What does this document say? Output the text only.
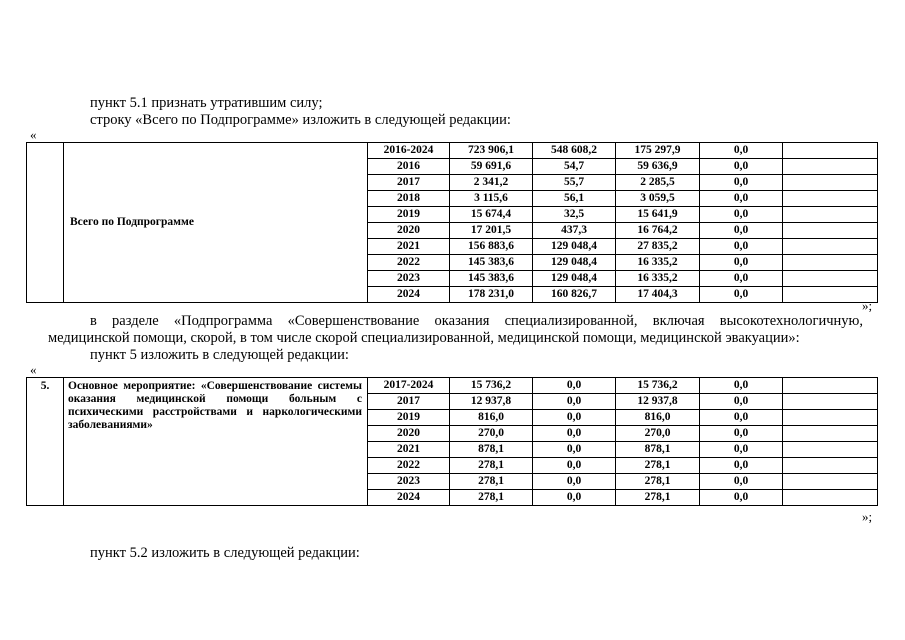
пункт 5.1 признать утратившим силу;
строку «Всего по Подпрограмме» изложить в следующей редакции:
«
	Всего по Подпрограмме	2016-2024	723 906,1	548 608,2	175 297,9	0,0	
		2016	59 691,6	54,7	59 636,9	0,0	
		2017	2 341,2	55,7	2 285,5	0,0	
		2018	3 115,6	56,1	3 059,5	0,0	
		2019	15 674,4	32,5	15 641,9	0,0	
		2020	17 201,5	437,3	16 764,2	0,0	
		2021	156 883,6	129 048,4	27 835,2	0,0	
		2022	145 383,6	129 048,4	16 335,2	0,0	
		2023	145 383,6	129 048,4	16 335,2	0,0	
		2024	178 231,0	160 826,7	17 404,3	0,0	
»;
в разделе «Подпрограмма «Совершенствование оказания специализированной, включая высокотехнологичную,
медицинской помощи, скорой, в том числе скорой специализированной, медицинской помощи, медицинской эвакуации»:
пункт 5 изложить в следующей редакции:
«
5.	Основное мероприятие: «Совершенствование системы оказания медицинской помощи больным с психическими расстройствами и наркологическими заболеваниями»	2017-2024	15 736,2	0,0	15 736,2	0,0	
		2017	12 937,8	0,0	12 937,8	0,0	
		2019	816,0	0,0	816,0	0,0	
		2020	270,0	0,0	270,0	0,0	
		2021	878,1	0,0	878,1	0,0	
		2022	278,1	0,0	278,1	0,0	
		2023	278,1	0,0	278,1	0,0	
		2024	278,1	0,0	278,1	0,0	
»;
пункт 5.2 изложить в следующей редакции:
